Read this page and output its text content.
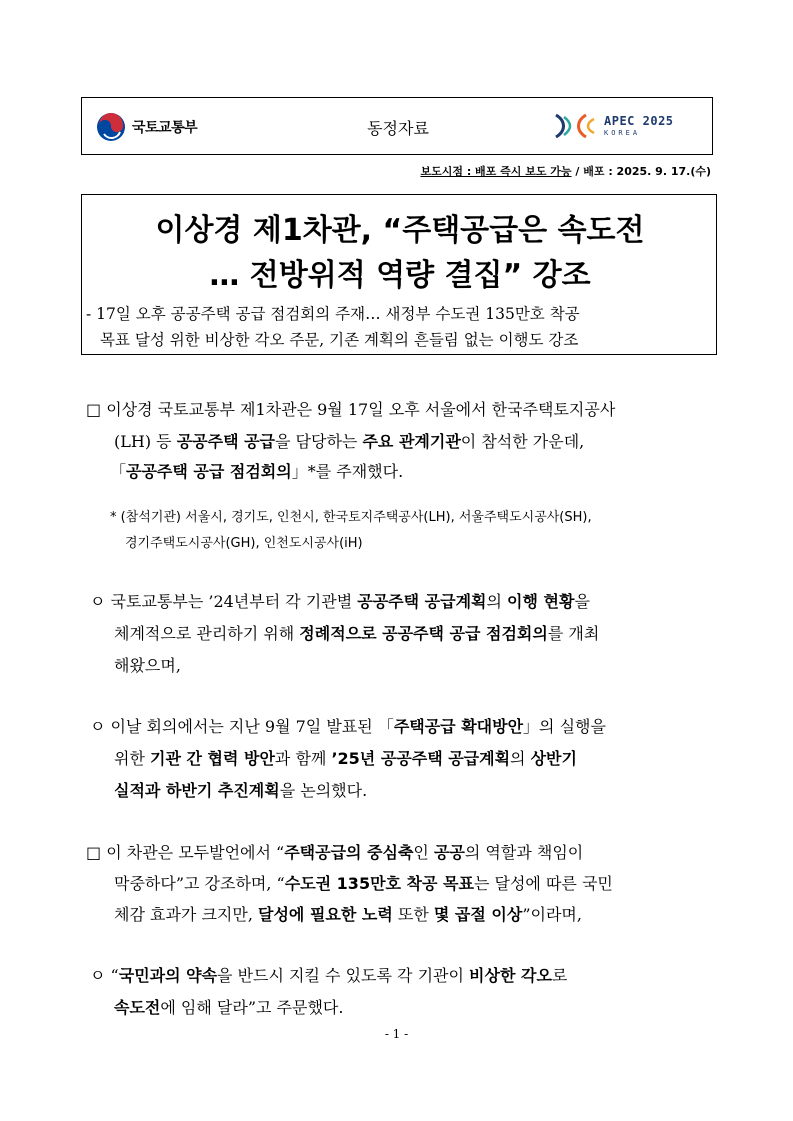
국토교통부	동정자료	APEC 2025
KOREA
보도시점 : 배포 즉시 보도 가능 / 배포 : 2025. 9. 17.(수)
이상경 제1차관, “주택공급은 속도전
… 전방위적 역량 결집” 강조
- 17일 오후 공공주택 공급 점검회의 주재… 새정부 수도권 135만호 착공
목표 달성 위한 비상한 각오 주문, 기존 계획의 흔들림 없는 이행도 강조
□ 이상경 국토교통부 제1차관은 9월 17일 오후 서울에서 한국주택토지공사
(LH) 등 공공주택 공급을 담당하는 주요 관계기관이 참석한 가운데,
「공공주택 공급 점검회의」*를 주재했다.
* (참석기관) 서울시, 경기도, 인천시, 한국토지주택공사(LH), 서울주택도시공사(SH),
경기주택도시공사(GH), 인천도시공사(iH)
ㅇ 국토교통부는 ’24년부터 각 기관별 공공주택 공급계획의 이행 현황을
체계적으로 관리하기 위해 정례적으로 공공주택 공급 점검회의를 개최
해왔으며,
ㅇ 이날 회의에서는 지난 9월 7일 발표된 「주택공급 확대방안」의 실행을
위한 기관 간 협력 방안과 함께 ’25년 공공주택 공급계획의 상반기
실적과 하반기 추진계획을 논의했다.
□ 이 차관은 모두발언에서 “주택공급의 중심축인 공공의 역할과 책임이
막중하다”고 강조하며, “수도권 135만호 착공 목표는 달성에 따른 국민
체감 효과가 크지만, 달성에 필요한 노력 또한 몇 곱절 이상”이라며,
ㅇ “국민과의 약속을 반드시 지킬 수 있도록 각 기관이 비상한 각오로
속도전에 임해 달라”고 주문했다.
- 1 -
